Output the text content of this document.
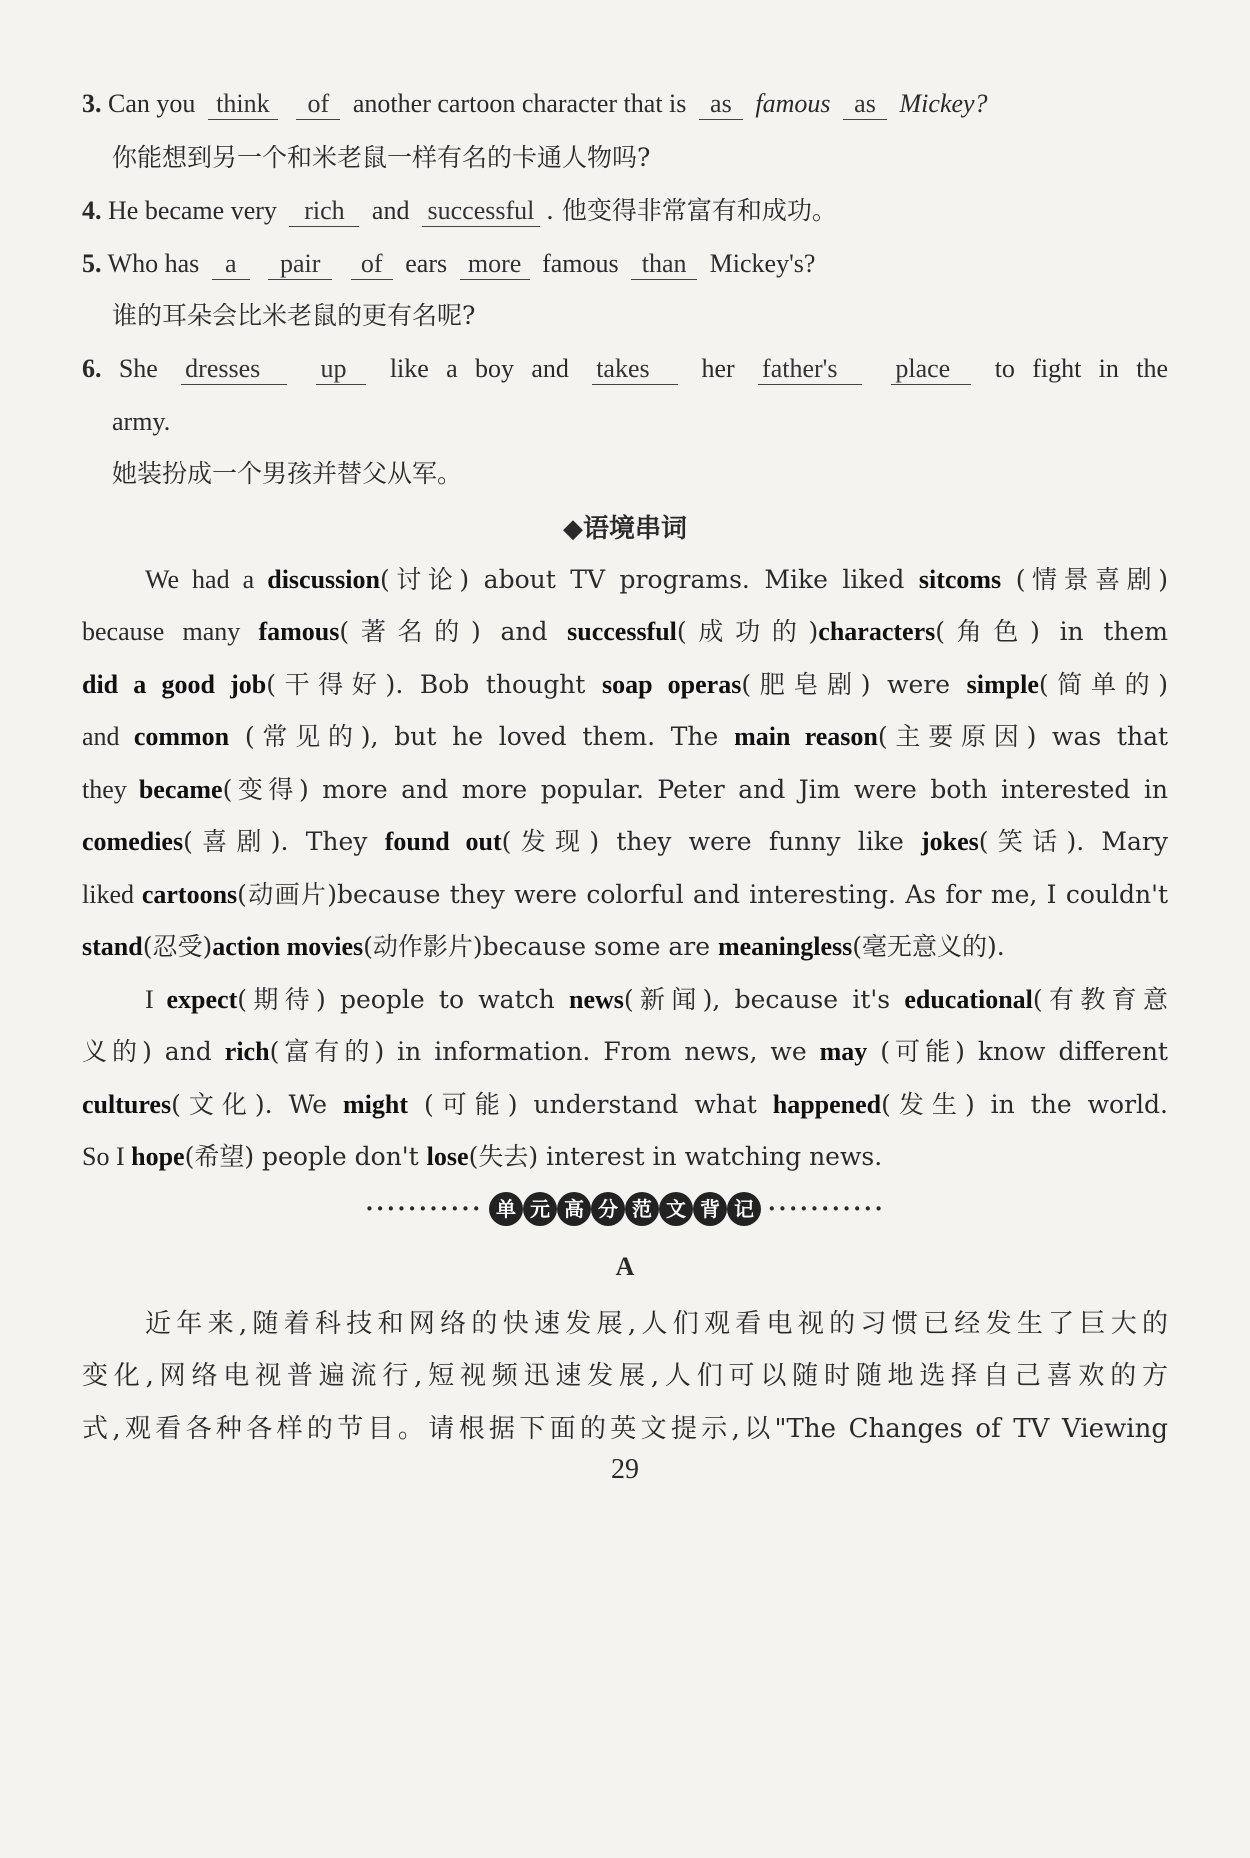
3. Can you think of another cartoon character that is as famous as Mickey?
你能想到另一个和米老鼠一样有名的卡通人物吗?
4. He became very rich and successful . 他变得非常富有和成功。
5. Who has a pair of ears more famous than Mickey's?
谁的耳朵会比米老鼠的更有名呢?
6. She dresses up like a boy and takes her father's place to fight in the
army.
她装扮成一个男孩并替父从军。
◆语境串词
We had a discussion(讨论) about TV programs. Mike liked sitcoms (情景喜剧)
because many famous(著名的) and successful(成功的)characters(角色) in them
did a good job(干得好). Bob thought soap operas(肥皂剧) were simple(简单的)
and common (常见的), but he loved them. The main reason(主要原因) was that
they became(变得) more and more popular. Peter and Jim were both interested in
comedies(喜剧). They found out(发现) they were funny like jokes(笑话). Mary
liked cartoons(动画片)because they were colorful and interesting. As for me, I couldn't
stand(忍受)action movies(动作影片)because some are meaningless(毫无意义的).
I expect(期待) people to watch news(新闻), because it's educational(有教育意
义的) and rich(富有的) in information. From news, we may (可能) know different
cultures(文化). We might (可能) understand what happened(发生) in the world.
So I hope(希望) people don't lose(失去) interest in watching news.
··········· 单 元 高 分 范 文 背 记 ···········
A
近年来,随着科技和网络的快速发展,人们观看电视的习惯已经发生了巨大的
变化,网络电视普遍流行,短视频迅速发展,人们可以随时随地选择自己喜欢的方
式,观看各种各样的节目。请根据下面的英文提示,以"The Changes of TV Viewing
29
